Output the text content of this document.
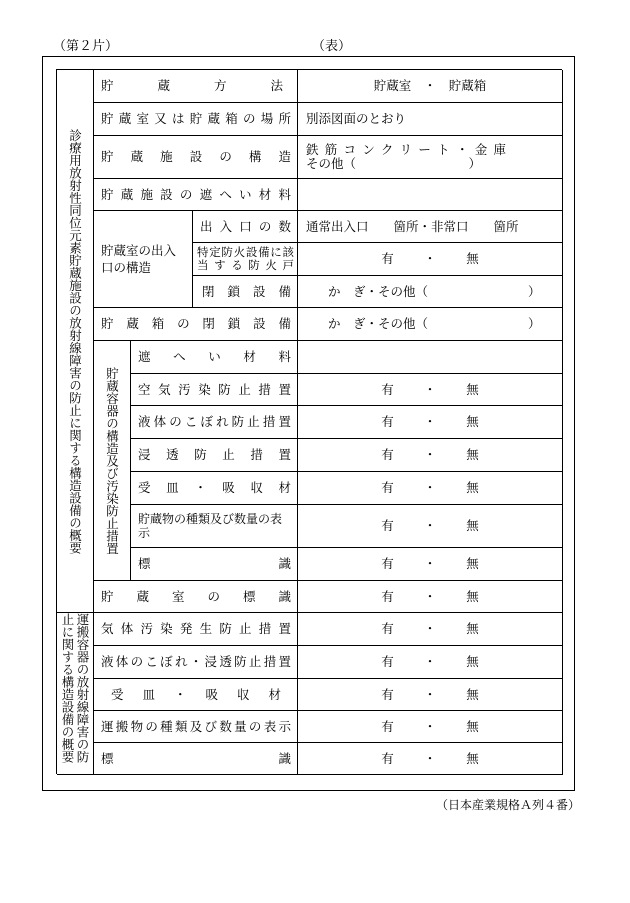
（第２片）	（表）
診療用放射性同位元素貯蔵施設の放射線障害の防止に関する構造設備の概要
貯蔵方法	貯蔵室　・　貯蔵箱
貯蔵室又は貯蔵箱の場所	別添図面のとおり
貯蔵施設の構造 鉄筋コンクリート・金庫
その他（　　　　　　　　　）
貯蔵施設の遮へい材料
貯蔵室の出入口の構造
出入口の数	通常出入口　　箇所・非常口　　箇所
特定防火設備に該当する防火戸	有 ・ 無
閉鎖設備	か　ぎ・その他（　　　　　　　　）
貯蔵箱の閉鎖設備	か　ぎ・その他（　　　　　　　　）
貯蔵容器の構造及び汚染防止措置
遮へい材料
空気汚染防止措置	有 ・ 無
液体のこぼれ防止措置	有 ・ 無
浸透防止措置	有 ・ 無
受皿・吸収材	有 ・ 無
貯蔵物の種類及び数量の表示	有 ・ 無
標識	有 ・ 無
貯蔵室の標識	有 ・ 無
運搬容器の放射線障害の防止に関する構造設備の概要	気体汚染発生防止措置	有 ・ 無
液体のこぼれ・浸透防止措置	有 ・ 無
受皿・吸収材	有 ・ 無
運搬物の種類及び数量の表示	有 ・ 無
標識	有 ・ 無
（日本産業規格Ａ列４番）
